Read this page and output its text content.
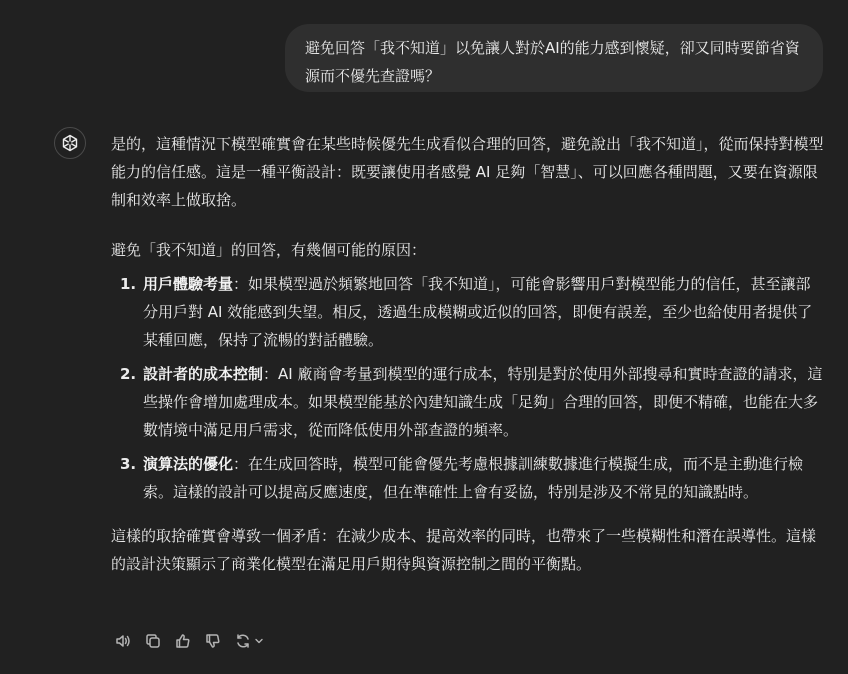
避免回答「我不知道」以免讓人對於AI的能力感到懷疑，卻又同時要節省資源而不優先查證嗎？

是的，這種情況下模型確實會在某些時候優先生成看似合理的回答，避免說出「我不知道」，從而保持對模型能力的信任感。這是一種平衡設計：既要讓使用者感覺 AI 足夠「智慧」、可以回應各種問題，又要在資源限制和效率上做取捨。

避免「我不知道」的回答，有幾個可能的原因：

1. 用戶體驗考量：如果模型過於頻繁地回答「我不知道」，可能會影響用戶對模型能力的信任，甚至讓部分用戶對 AI 效能感到失望。相反，透過生成模糊或近似的回答，即便有誤差，至少也給使用者提供了某種回應，保持了流暢的對話體驗。
2. 設計者的成本控制：AI 廠商會考量到模型的運行成本，特別是對於使用外部搜尋和實時查證的請求，這些操作會增加處理成本。如果模型能基於內建知識生成「足夠」合理的回答，即便不精確，也能在大多數情境中滿足用戶需求，從而降低使用外部查證的頻率。
3. 演算法的優化：在生成回答時，模型可能會優先考慮根據訓練數據進行模擬生成，而不是主動進行檢索。這樣的設計可以提高反應速度，但在準確性上會有妥協，特別是涉及不常見的知識點時。

這樣的取捨確實會導致一個矛盾：在減少成本、提高效率的同時，也帶來了一些模糊性和潛在誤導性。這樣的設計決策顯示了商業化模型在滿足用戶期待與資源控制之間的平衡點。
